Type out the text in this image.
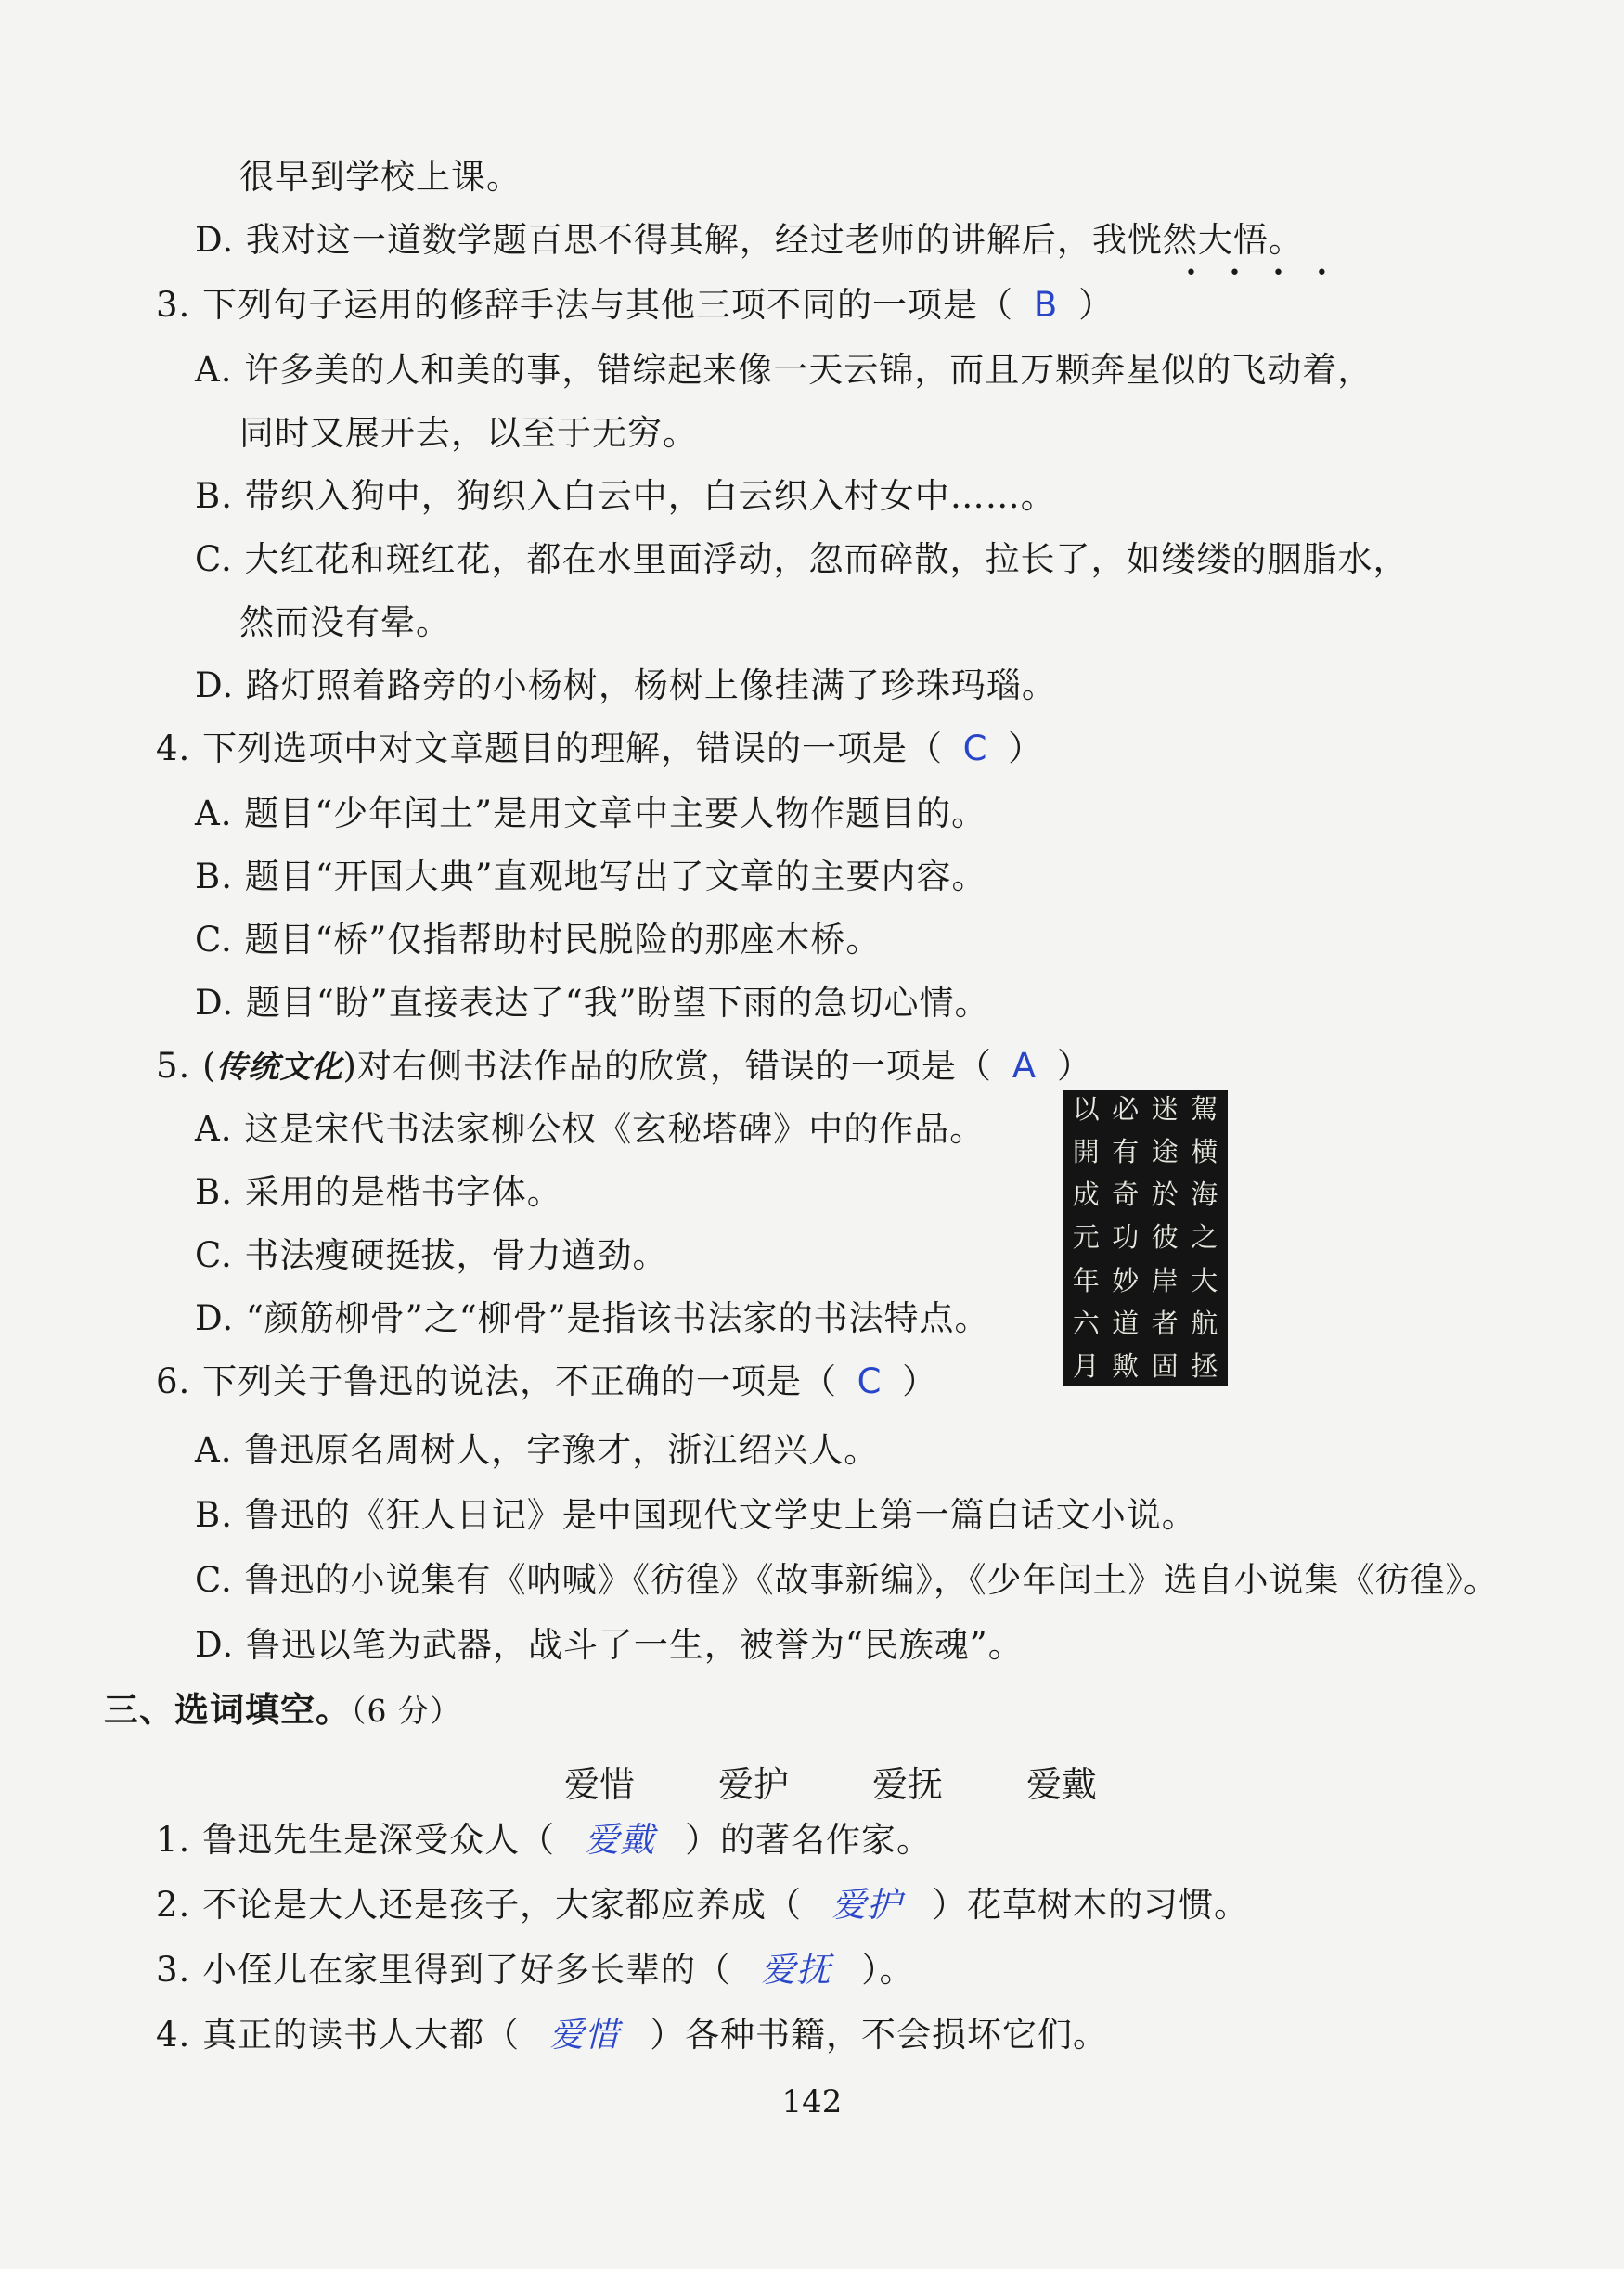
很早到学校上课。
D. 我对这一道数学题百思不得其解，经过老师的讲解后，我恍然大悟。
••••
3. 下列句子运用的修辞手法与其他三项不同的一项是（ B ）
A. 许多美的人和美的事，错综起来像一天云锦，而且万颗奔星似的飞动着，
同时又展开去，以至于无穷。
B. 带织入狗中，狗织入白云中，白云织入村女中……。
C. 大红花和斑红花，都在水里面浮动，忽而碎散，拉长了，如缕缕的胭脂水，
然而没有晕。
D. 路灯照着路旁的小杨树，杨树上像挂满了珍珠玛瑙。
4. 下列选项中对文章题目的理解，错误的一项是（ C ）
A. 题目“少年闰土”是用文章中主要人物作题目的。
B. 题目“开国大典”直观地写出了文章的主要内容。
C. 题目“桥”仅指帮助村民脱险的那座木桥。
D. 题目“盼”直接表达了“我”盼望下雨的急切心情。
5. (传统文化)对右侧书法作品的欣赏，错误的一项是（ A ）
A. 这是宋代书法家柳公权《玄秘塔碑》中的作品。
B. 采用的是楷书字体。
C. 书法瘦硬挺拔，骨力遒劲。
D. “颜筋柳骨”之“柳骨”是指该书法家的书法特点。
駕
横
海
之
大
航
拯
迷
途
於
彼
岸
者
固
必
有
奇
功
妙
道
歟
以
開
成
元
年
六
月
6. 下列关于鲁迅的说法，不正确的一项是（ C ）
A. 鲁迅原名周树人，字豫才，浙江绍兴人。
B. 鲁迅的《狂人日记》是中国现代文学史上第一篇白话文小说。
C. 鲁迅的小说集有《呐喊》《彷徨》《故事新编》，《少年闰土》选自小说集《彷徨》。
D. 鲁迅以笔为武器，战斗了一生，被誉为“民族魂”。
三、选词填空。（6 分）
爱惜 爱护 爱抚 爱戴
1. 鲁迅先生是深受众人（ 爱戴 ）的著名作家。
2. 不论是大人还是孩子，大家都应养成（ 爱护 ）花草树木的习惯。
3. 小侄儿在家里得到了好多长辈的（ 爱抚 ）。
4. 真正的读书人大都（ 爱惜 ）各种书籍，不会损坏它们。
142
